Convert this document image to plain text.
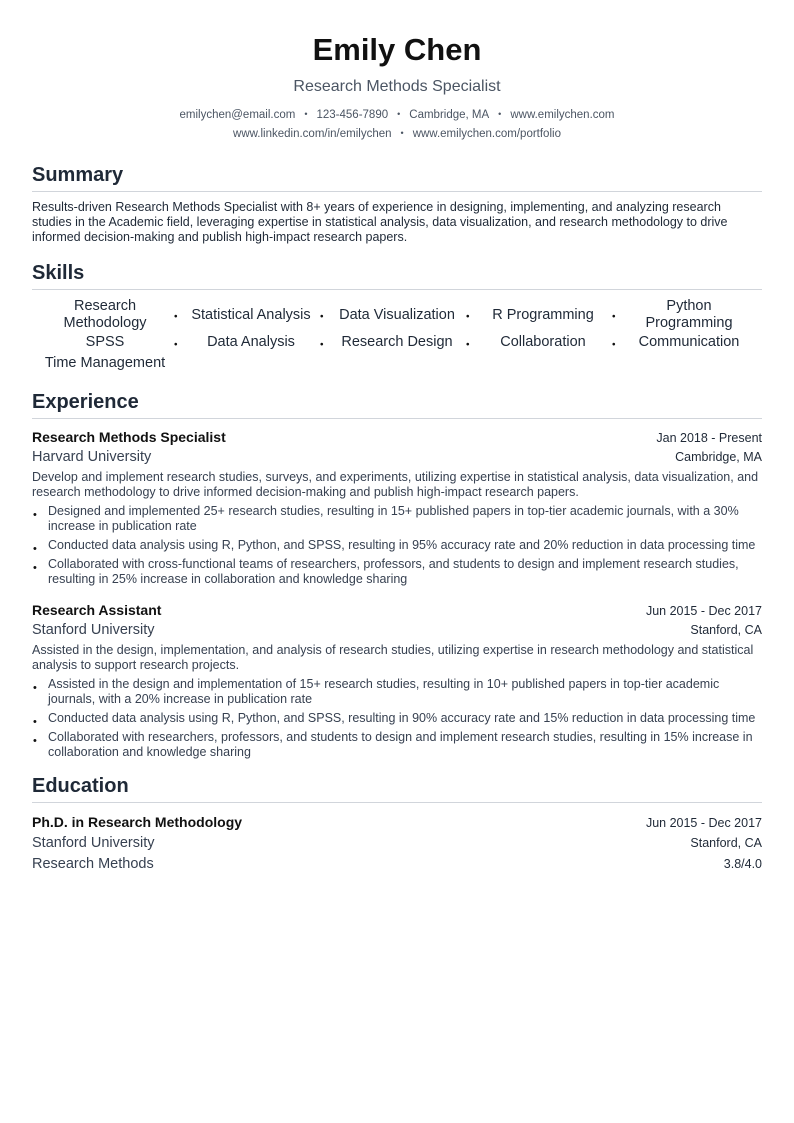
Emily Chen
Research Methods Specialist
emilychen@email.com • 123-456-7890 • Cambridge, MA • www.emilychen.com
www.linkedin.com/in/emilychen • www.emilychen.com/portfolio
Summary

Results-driven Research Methods Specialist with 8+ years of experience in designing, implementing, and analyzing research studies in the Academic field, leveraging expertise in statistical analysis, data visualization, and research methodology to drive informed decision-making and publish high-impact research papers.

Skills
Research Methodology	• Statistical Analysis • Data Visualization • R Programming •
Python Programming
SPSS	• Data Analysis	• Research Design • Collaboration	• Communication
Time Management
Experience
Research Methods Specialist	Jan 2018 - Present
Harvard University	Cambridge, MA

Develop and implement research studies, surveys, and experiments, utilizing expertise in statistical analysis, data visualization, and research methodology to drive informed decision-making and publish high-impact research papers.

• Designed and implemented 25+ research studies, resulting in 15+ published papers in top-tier academic journals, with a 30% increase in publication rate
• Conducted data analysis using R, Python, and SPSS, resulting in 95% accuracy rate and 20% reduction in data processing time
• Collaborated with cross-functional teams of researchers, professors, and students to design and implement research studies, resulting in 25% increase in collaboration and knowledge sharing
Research Assistant	Jun 2015 - Dec 2017
Stanford University	Stanford, CA

Assisted in the design, implementation, and analysis of research studies, utilizing expertise in research methodology and statistical analysis to support research projects.

• Assisted in the design and implementation of 15+ research studies, resulting in 10+ published papers in top-tier academic journals, with a 20% increase in publication rate
• Conducted data analysis using R, Python, and SPSS, resulting in 90% accuracy rate and 15% reduction in data processing time
• Collaborated with researchers, professors, and students to design and implement research studies, resulting in 15% increase in collaboration and knowledge sharing
Education
Ph.D. in Research Methodology	Jun 2015 - Dec 2017
Stanford University	Stanford, CA
Research Methods	3.8/4.0
